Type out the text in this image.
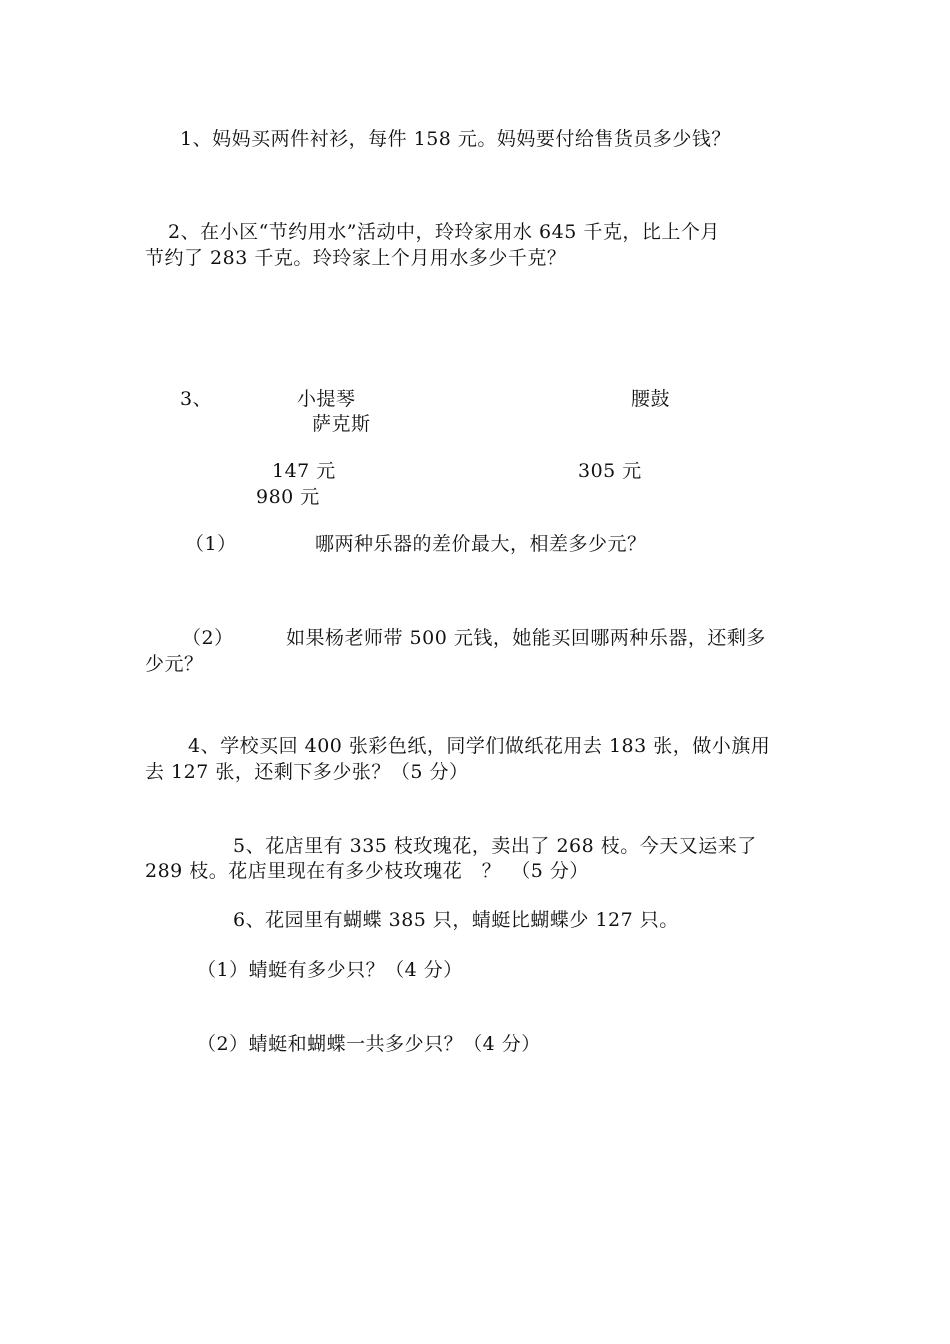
1、妈妈买两件衬衫，每件 158 元。妈妈要付给售货员多少钱？
2、在小区“节约用水”活动中，玲玲家用水 645 千克，比上个月
节约了 283 千克。玲玲家上个月用水多少千克？
3、	小提琴	腰鼓
萨克斯
147 元	305 元
980 元
（1）	哪两种乐器的差价最大，相差多少元？
（2）	如果杨老师带 500 元钱，她能买回哪两种乐器，还剩多
少元？
4、学校买回 400 张彩色纸，同学们做纸花用去 183 张，做小旗用
去 127 张，还剩下多少张？（5 分）
5、花店里有 335 枝玫瑰花，卖出了 268 枝。今天又运来了
289 枝。花店里现在有多少枝玫瑰花　？　（5 分）
6、花园里有蝴蝶 385 只，蜻蜓比蝴蝶少 127 只。
（1）蜻蜓有多少只？（4 分）
（2）蜻蜓和蝴蝶一共多少只？（4 分）
